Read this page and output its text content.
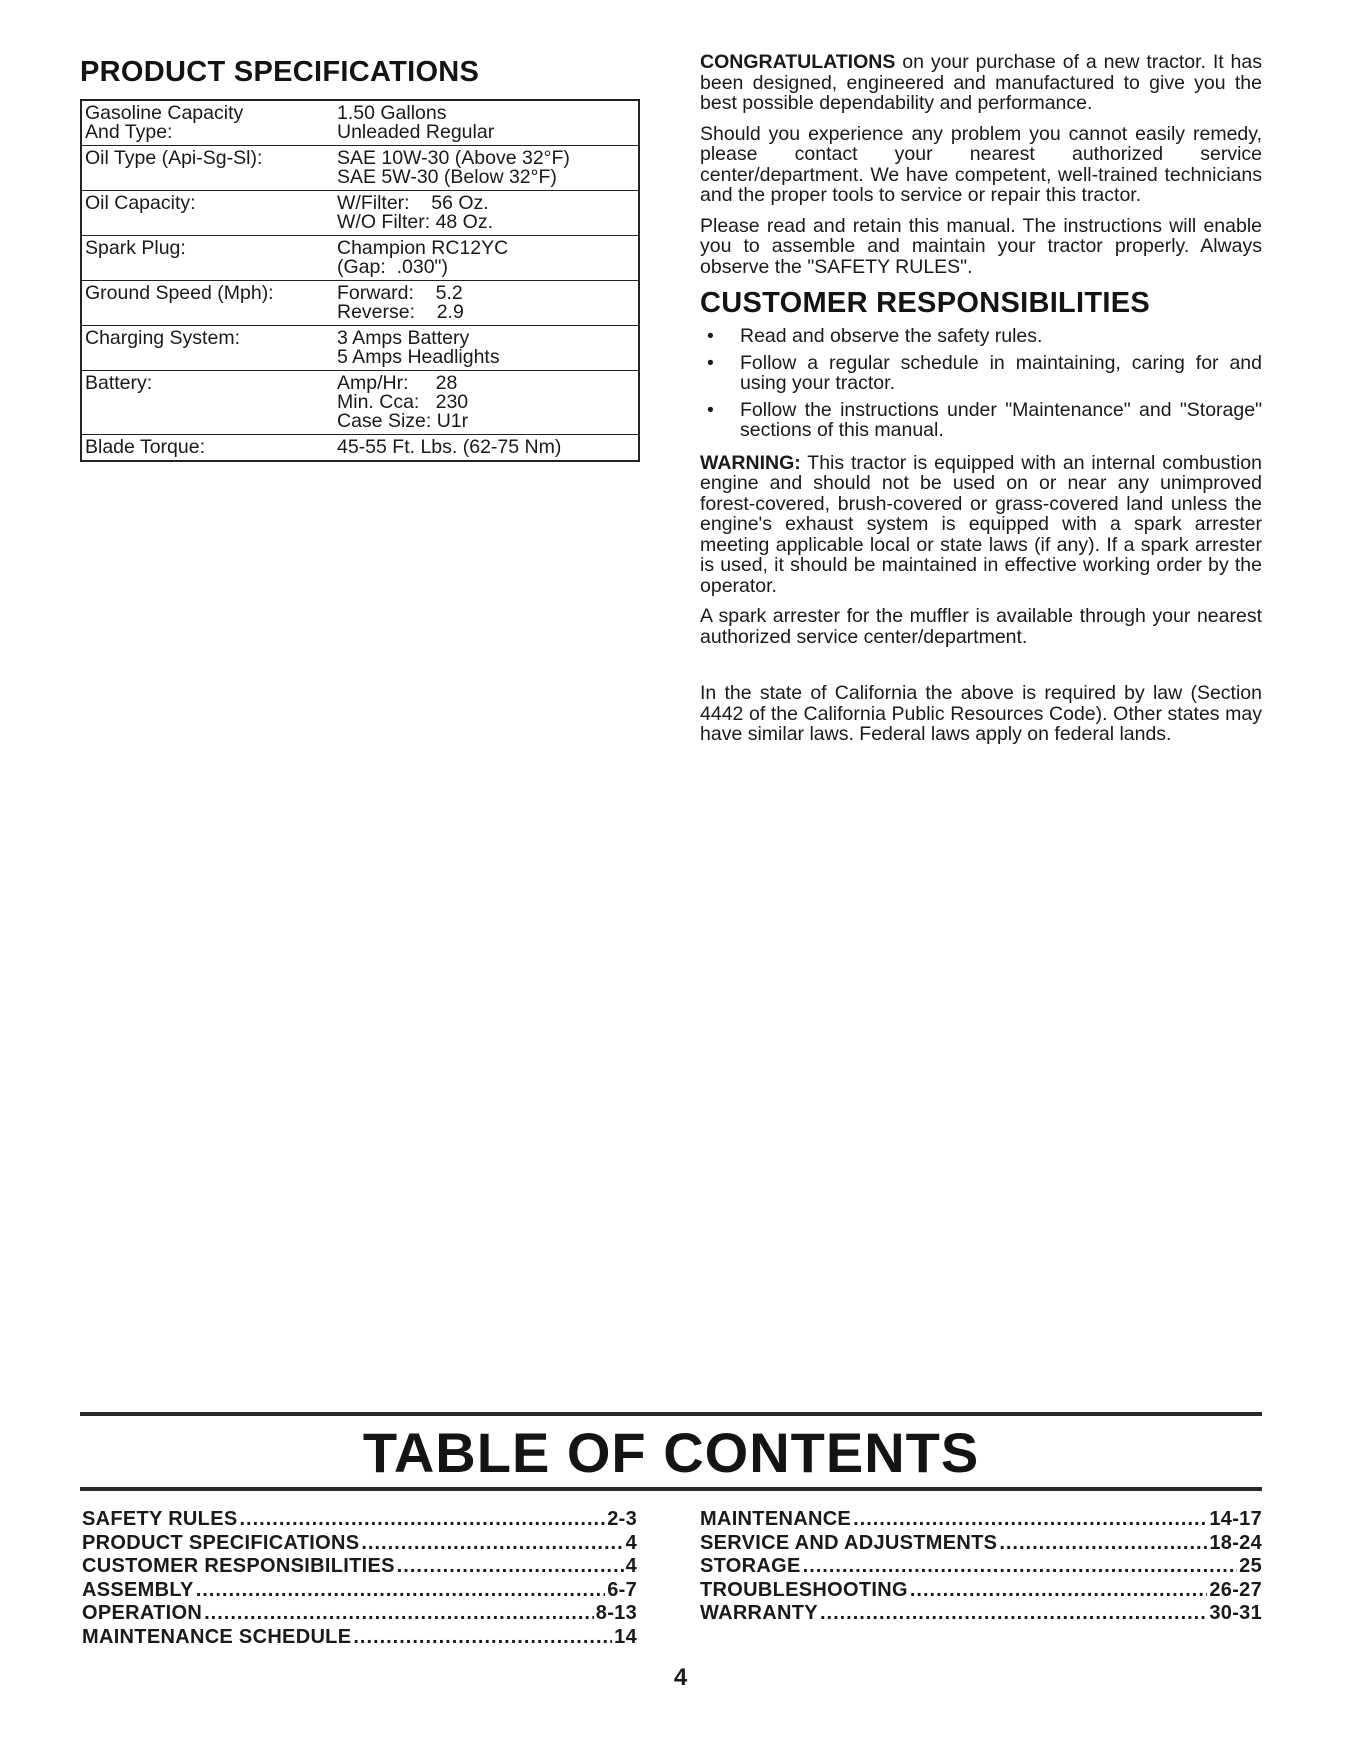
PRODUCT SPECIFICATIONS
Gasoline Capacity
And Type:	1.50 Gallons
Unleaded Regular

Oil Type (Api-Sg-Sl):	SAE 10W-30 (Above 32°F)
SAE 5W-30 (Below 32°F)

Oil Capacity:	W/Filter:    56 Oz.
W/O Filter: 48 Oz.

Spark Plug:	Champion RC12YC
(Gap:  .030")

Ground Speed (Mph):	Forward:    5.2
Reverse:    2.9

Charging System:	3 Amps Battery
5 Amps Headlights

Battery:	Amp/Hr:     28
Min. Cca:   230
Case Size: U1r

Blade Torque:	45-55 Ft. Lbs. (62-75 Nm)

CONGRATULATIONS on your purchase of a new tractor. It has been designed, engineered and manufactured to give you the best possible dependability and performance.

Should you experience any problem you cannot easily remedy, please contact your nearest authorized service center/department. We have competent, well-trained technicians and the proper tools to service or repair this tractor.

Please read and retain this manual. The instructions will enable you to assemble and maintain your tractor properly. Always observe the "SAFETY RULES".

CUSTOMER RESPONSIBILITIES
• Read and observe the safety rules.
• Follow a regular schedule in maintaining, caring for and using your tractor.
• Follow the instructions under "Maintenance" and "Storage" sections of this manual.

WARNING: This tractor is equipped with an internal combustion engine and should not be used on or near any unimproved forest-covered, brush-covered or grass-covered land unless the engine's exhaust system is equipped with a spark arrester meeting applicable local or state laws (if any). If a spark arrester is used, it should be maintained in effective working order by the operator.

A spark arrester for the muffler is available through your nearest authorized service center/department.

In the state of California the above is required by law (Section 4442 of the California Public Resources Code). Other states may have similar laws. Federal laws apply on federal lands.

TABLE OF CONTENTS
SAFETY RULES .....	2-3
PRODUCT SPECIFICATIONS .....	4
CUSTOMER RESPONSIBILITIES .....	4
ASSEMBLY .....	6-7
OPERATION .....	8-13
MAINTENANCE SCHEDULE .....	14
MAINTENANCE .....	14-17
SERVICE AND ADJUSTMENTS .....	18-24
STORAGE .....	25
TROUBLESHOOTING .....	26-27
WARRANTY .....	30-31
4
